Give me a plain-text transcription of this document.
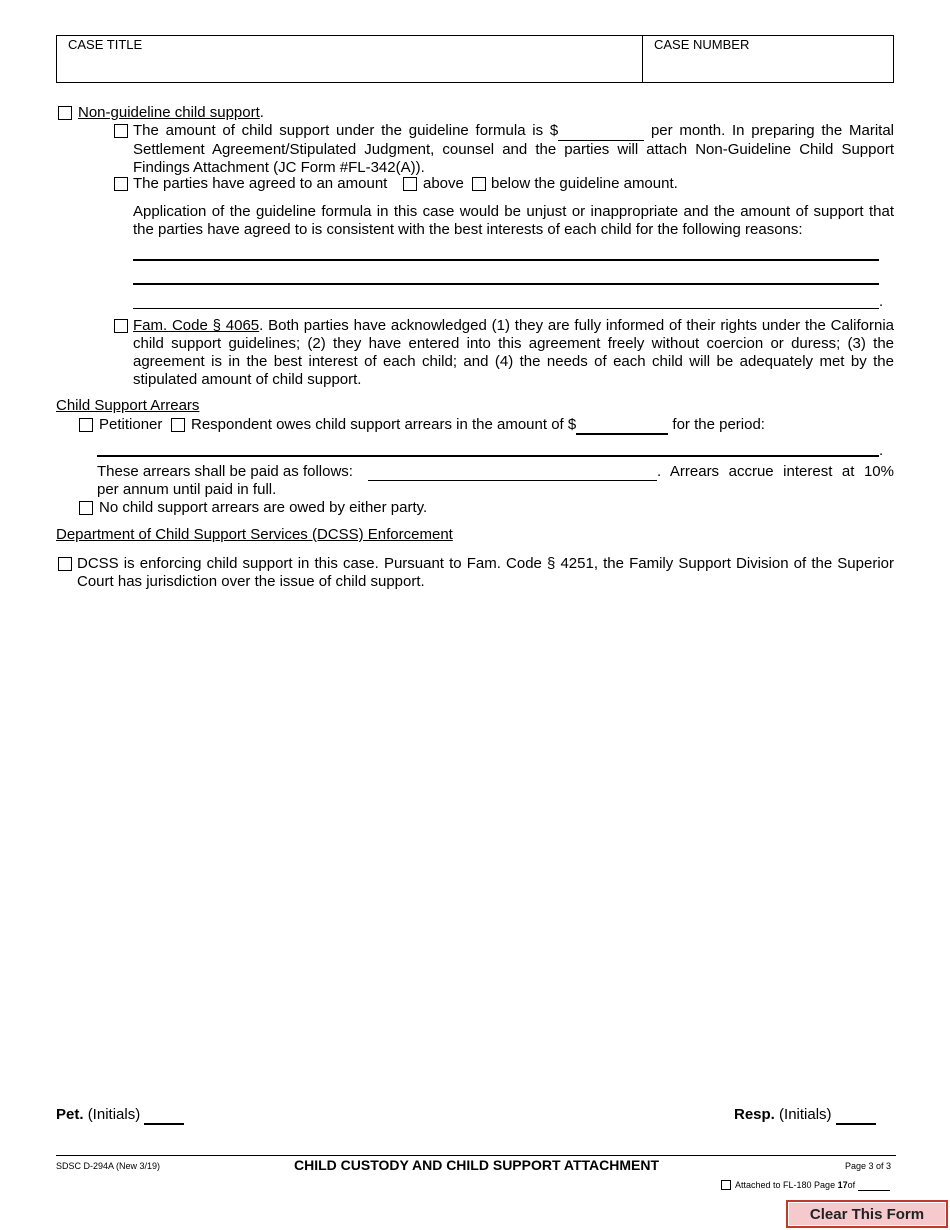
CASE TITLE	CASE NUMBER
Non-guideline child support.
The amount of child support under the guideline formula is $	per month. In preparing the Marital Settlement Agreement/Stipulated Judgment, counsel and the parties will attach Non-Guideline Child Support Findings Attachment (JC Form #FL-342(A)).
The parties have agreed to an amount above below the guideline amount.
Application of the guideline formula in this case would be unjust or inappropriate and the amount of support that the parties have agreed to is consistent with the best interests of each child for the following reasons:
.
Fam. Code § 4065. Both parties have acknowledged (1) they are fully informed of their rights under the California child support guidelines; (2) they have entered into this agreement freely without coercion or duress; (3) the agreement is in the best interest of each child; and (4) the needs of each child will be adequately met by the stipulated amount of child support.
Child Support Arrears
Petitioner Respondent owes child support arrears in the amount of $	for the period:
.
These arrears shall be paid as follows:	. Arrears accrue interest at 10%
per annum until paid in full.
No child support arrears are owed by either party.
Department of Child Support Services (DCSS) Enforcement
DCSS is enforcing child support in this case. Pursuant to Fam. Code § 4251, the Family Support Division of the Superior Court has jurisdiction over the issue of child support.
Pet. (Initials)	Resp. (Initials)
SDSC D-294A (New 3/19)	CHILD CUSTODY AND CHILD SUPPORT ATTACHMENT	Page 3 of 3
Attached to FL-180 Page 17of
Clear This Form
